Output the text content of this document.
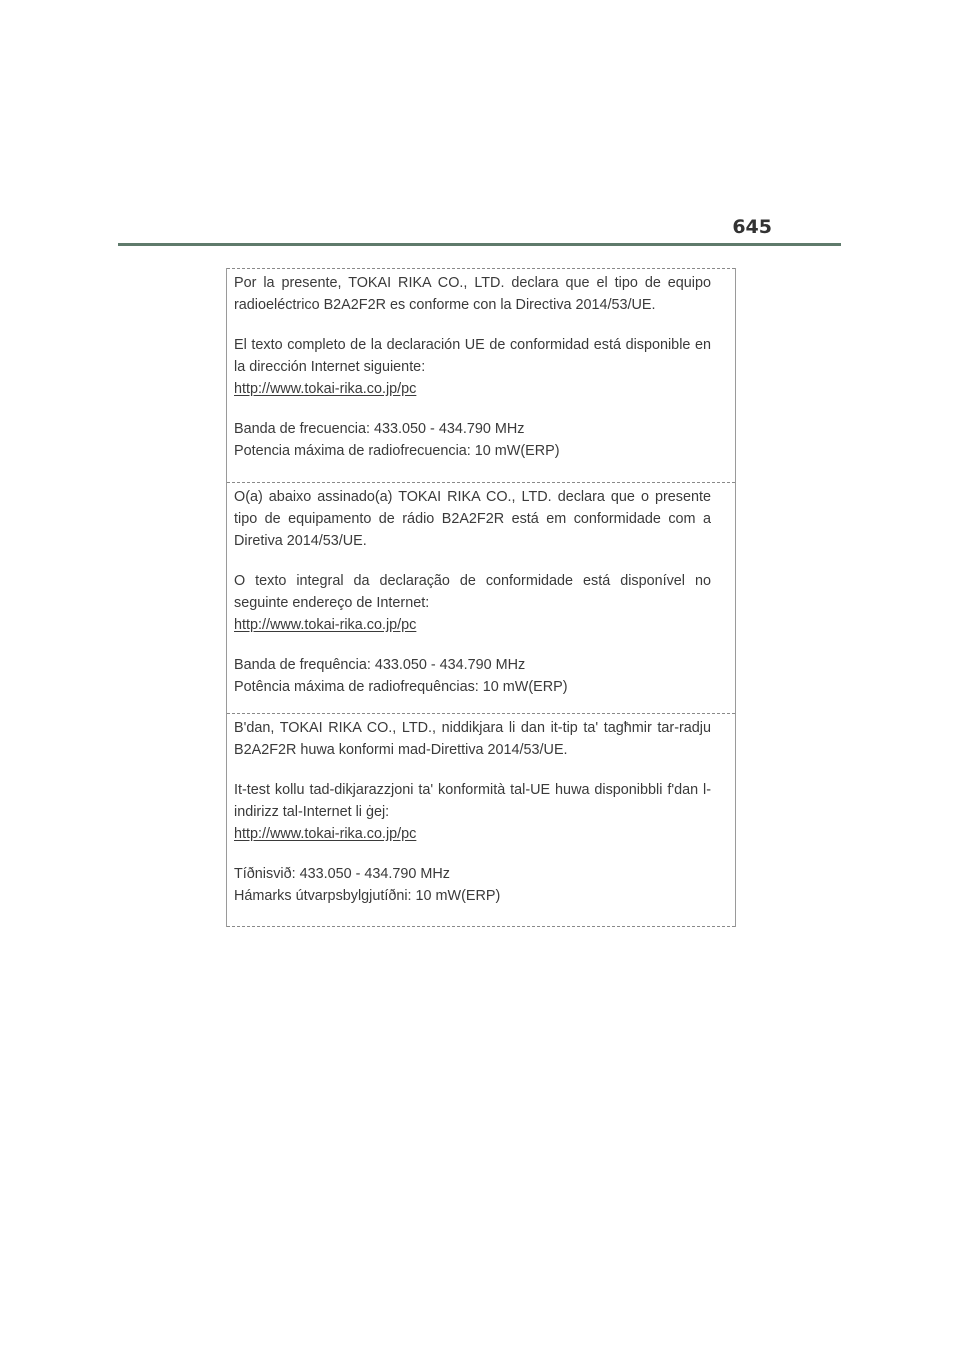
645

Por la presente, TOKAI RIKA CO., LTD. declara que el tipo de equipo radioeléctrico B2A2F2R es conforme con la Directiva 2014/53/UE.

El texto completo de la declaración UE de conformidad está disponible en la dirección Internet siguiente:

http://www.tokai-rika.co.jp/pc

Banda de frecuencia: 433.050 - 434.790 MHz

Potencia máxima de radiofrecuencia: 10 mW(ERP)

O(a) abaixo assinado(a) TOKAI RIKA CO., LTD. declara que o presente tipo de equipamento de rádio B2A2F2R está em conformidade com a Diretiva 2014/53/UE.

O texto integral da declaração de conformidade está disponível no seguinte endereço de Internet:

http://www.tokai-rika.co.jp/pc

Banda de frequência: 433.050 - 434.790 MHz

Potência máxima de radiofrequências: 10 mW(ERP)

B'dan, TOKAI RIKA CO., LTD., niddikjara li dan it-tip ta' tagħmir tar-radju B2A2F2R huwa konformi mad-Direttiva 2014/53/UE.

It-test kollu tad-dikjarazzjoni ta' konformità tal-UE huwa disponibbli f'dan l-indirizz tal-Internet li ġej:

http://www.tokai-rika.co.jp/pc

Tíðnisvið: 433.050 - 434.790 MHz

Hámarks útvarpsbylgjutíðni: 10 mW(ERP)
